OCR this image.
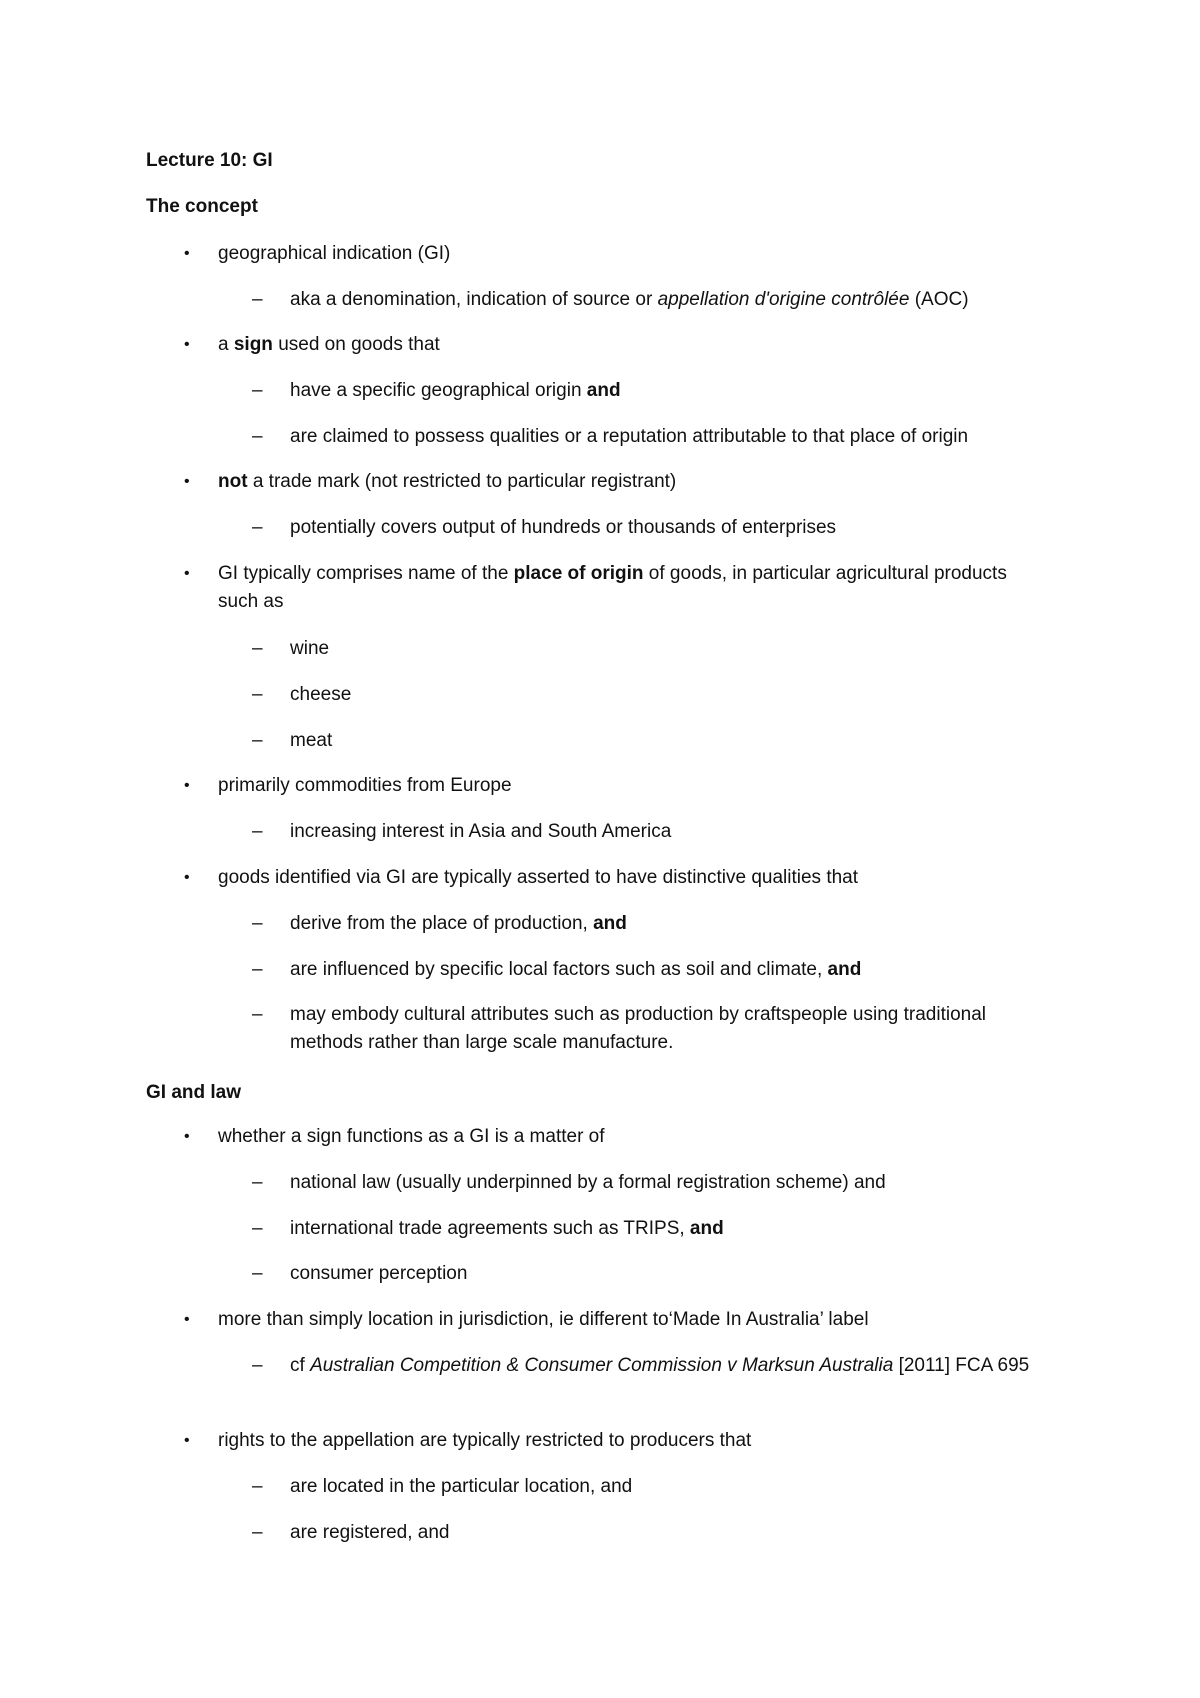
Lecture 10: GI
The concept
• geographical indication (GI)
– aka a denomination, indication of source or appellation d'origine contrôlée (AOC)
• a sign used on goods that
– have a specific geographical origin and
– are claimed to possess qualities or a reputation attributable to that place of origin
• not a trade mark (not restricted to particular registrant)
– potentially covers output of hundreds or thousands of enterprises
• GI typically comprises name of the place of origin of goods, in particular agricultural products such as
– wine
– cheese
– meat
• primarily commodities from Europe
– increasing interest in Asia and South America
• goods identified via GI are typically asserted to have distinctive qualities that
– derive from the place of production, and
– are influenced by specific local factors such as soil and climate, and
– may embody cultural attributes such as production by craftspeople using traditional methods rather than large scale manufacture.
GI and law
• whether a sign functions as a GI is a matter of
– national law (usually underpinned by a formal registration scheme) and
– international trade agreements such as TRIPS, and
– consumer perception
• more than simply location in jurisdiction, ie different to‘Made In Australia’ label
– cf Australian Competition & Consumer Commission v Marksun Australia [2011] FCA 695
• rights to the appellation are typically restricted to producers that
– are located in the particular location, and
– are registered, and
